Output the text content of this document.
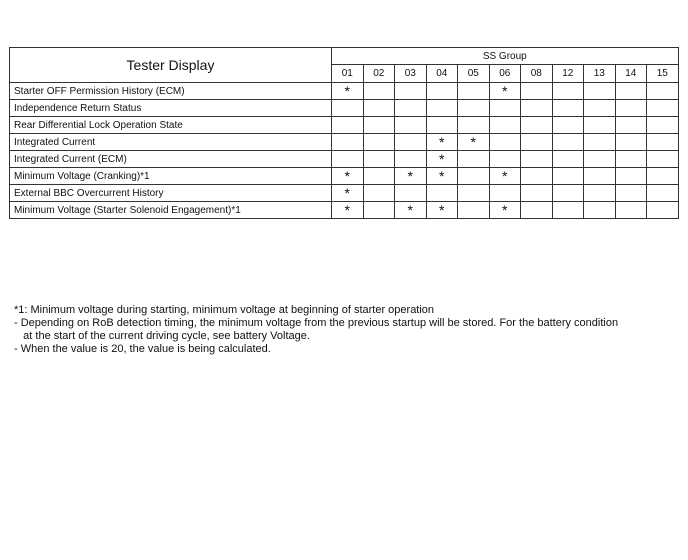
Tester Display	SS Group										
	01	02	03	04	05	06	08	12	13	14	15
Starter OFF Permission History (ECM)	*					*					
Independence Return Status											
Rear Differential Lock Operation State											
Integrated Current				*	*						
Integrated Current (ECM)				*							
Minimum Voltage (Cranking)*1	*		*	*		*					
External BBC Overcurrent History	*										
Minimum Voltage (Starter Solenoid Engagement)*1	*		*	*		*					
*1: Minimum voltage during starting, minimum voltage at beginning of starter operation
- Depending on RoB detection timing, the minimum voltage from the previous startup will be stored. For the battery condition
at the start of the current driving cycle, see battery Voltage.
- When the value is 20, the value is being calculated.
